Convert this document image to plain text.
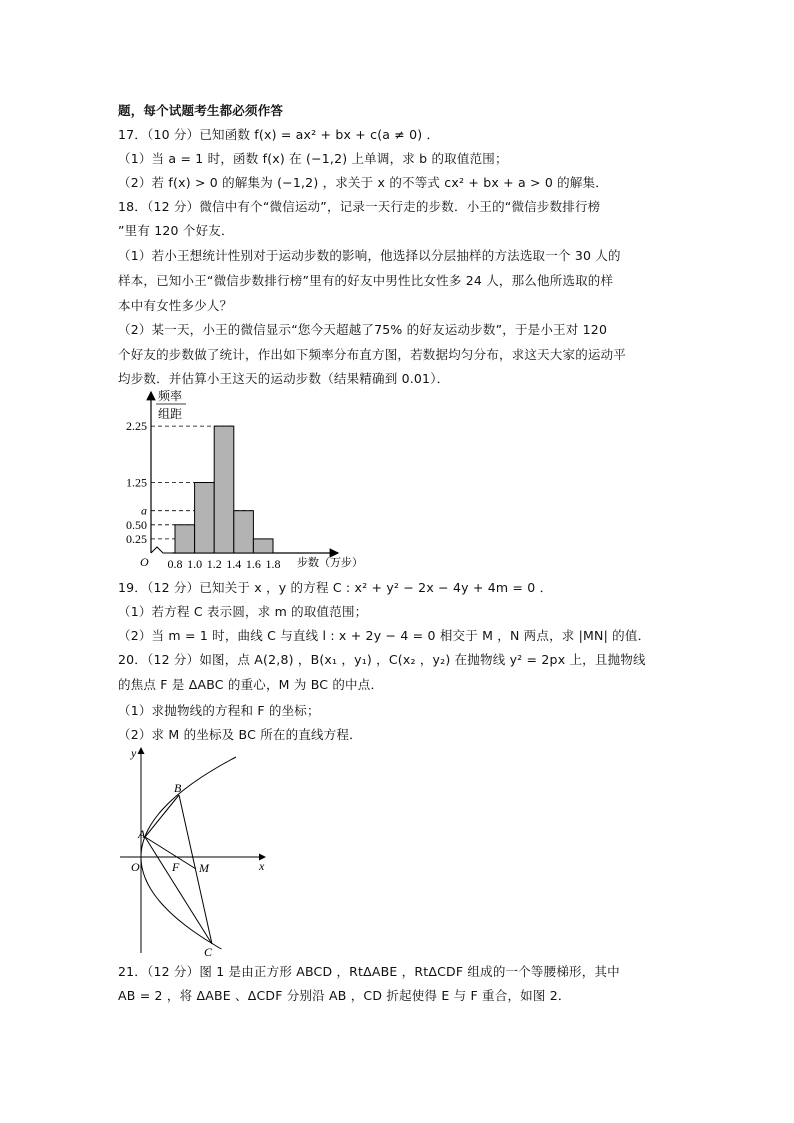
题，每个试题考生都必须作答
17．（10 分）已知函数 f(x) = ax² + bx + c(a ≠ 0) ．
（1）当 a = 1 时，函数 f(x) 在 (−1,2) 上单调，求 b 的取值范围；
（2）若 f(x) > 0 的解集为 (−1,2) ，求关于 x 的不等式 cx² + bx + a > 0 的解集．
18．（12 分）微信中有个“微信运动”，记录一天行走的步数．小王的“微信步数排行榜
”里有 120 个好友．
（1）若小王想统计性别对于运动步数的影响，他选择以分层抽样的方法选取一个 30 人的
样本，已知小王“微信步数排行榜”里有的好友中男性比女性多 24 人，那么他所选取的样
本中有女性多少人？
（2）某一天，小王的微信显示“您今天超越了75% 的好友运动步数”，于是小王对 120
个好友的步数做了统计，作出如下频率分布直方图，若数据均匀分布，求这天大家的运动平
均步数．并估算小王这天的运动步数（结果精确到 0.01）．
频率
组距
O	步数（万步）
0.25
0.50
a
1.25
2.25
0.8 1.0 1.2 1.4 1.6 1.8
19．（12 分）已知关于 x ，y 的方程 C : x² + y² − 2x − 4y + 4m = 0 ．
（1）若方程 C 表示圆，求 m 的取值范围；
（2）当 m = 1 时，曲线 C 与直线 l : x + 2y − 4 = 0 相交于 M ，N 两点，求 |MN| 的值．
20．（12 分）如图，点 A(2,8) ，B(x₁ ，y₁) ，C(x₂ ，y₂) 在抛物线 y² = 2px 上，且抛物线
的焦点 F 是 ΔABC 的重心，M 为 BC 的中点．
（1）求抛物线的方程和 F 的坐标；
（2）求 M 的坐标及 BC 所在的直线方程．
y
x
O
A
B
C
F M
21．（12 分）图 1 是由正方形 ABCD ，RtΔABE ，RtΔCDF 组成的一个等腰梯形，其中
AB = 2 ，将 ΔABE 、ΔCDF 分别沿 AB ，CD 折起使得 E 与 F 重合，如图 2．
